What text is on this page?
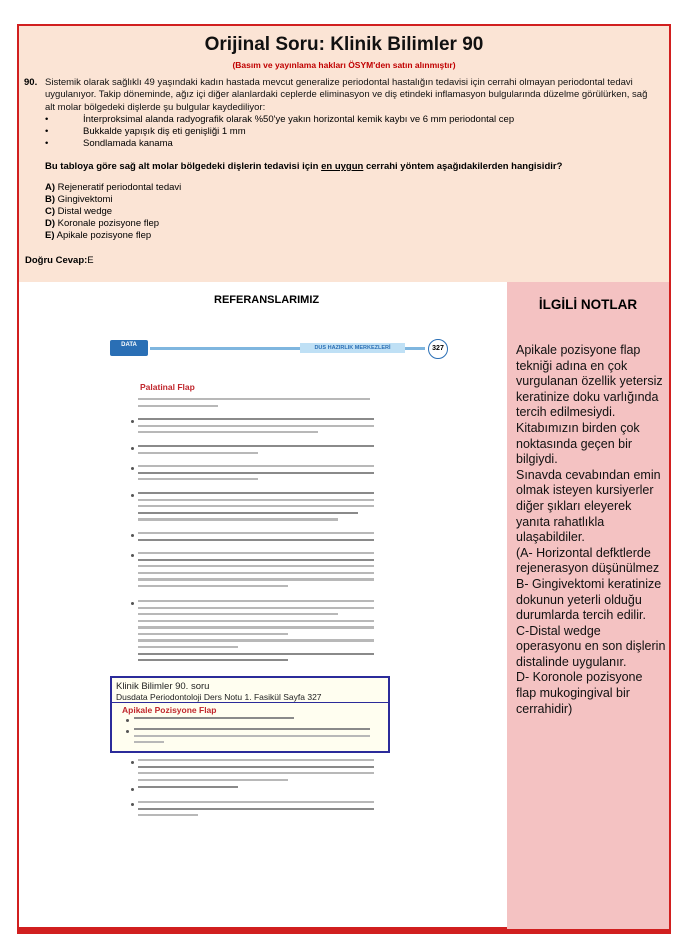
Orijinal Soru: Klinik Bilimler 90
(Basım ve yayınlama hakları ÖSYM'den satın alınmıştır)
90. Sistemik olarak sağlıklı 49 yaşındaki kadın hastada mevcut generalize periodontal hastalığın tedavisi için cerrahi olmayan periodontal tedavi uygulanıyor. Takip döneminde, ağız içi diğer alanlardaki ceplerde eliminasyon ve diş etindeki inflamasyon bulgularında düzelme görülürken, sağ alt molar bölgedeki dişlerde şu bulgular kaydediliyor:
•	İnterproksimal alanda radyografik olarak %50'ye yakın horizontal kemik kaybı ve 6 mm periodontal cep
•	Bukkalde yapışık diş eti genişliği 1 mm
•	Sondlamada kanama
Bu tabloya göre sağ alt molar bölgedeki dişlerin tedavisi için en uygun cerrahi yöntem aşağıdakilerden hangisidir?
A) Rejeneratif periodontal tedavi
B) Gingivektomi
C) Distal wedge
D) Koronale pozisyone flep
E) Apikale pozisyone flep
Doğru Cevap:E
REFERANSLARIMIZ	İLGİLİ NOTLAR
Apikale pozisyone flap tekniği adına en çok vurgulanan özellik yetersiz keratinize doku varlığında tercih edilmesiydi. Kitabımızın birden çok noktasında geçen bir bilgiydi.
Sınavda cevabından emin olmak isteyen kursiyerler diğer şıkları eleyerek yanıta rahatlıkla ulaşabildiler.
(A- Horizontal defktlerde rejenerasyon düşünülmez
B- Gingivektomi keratinize dokunun yeterli olduğu durumlarda tercih edilir.
C-Distal wedge operasyonu en son dişlerin distalinde uygulanır.
D- Koronole pozisyone flap mukogingival bir cerrahidir)
DATA	DUS HAZIRLIK MERKEZLERİ	327
Palatinal Flap
Klinik Bilimler 90. soru
Dusdata Periodontoloji Ders Notu 1. Fasikül Sayfa 327
Apikale Pozisyone Flap
